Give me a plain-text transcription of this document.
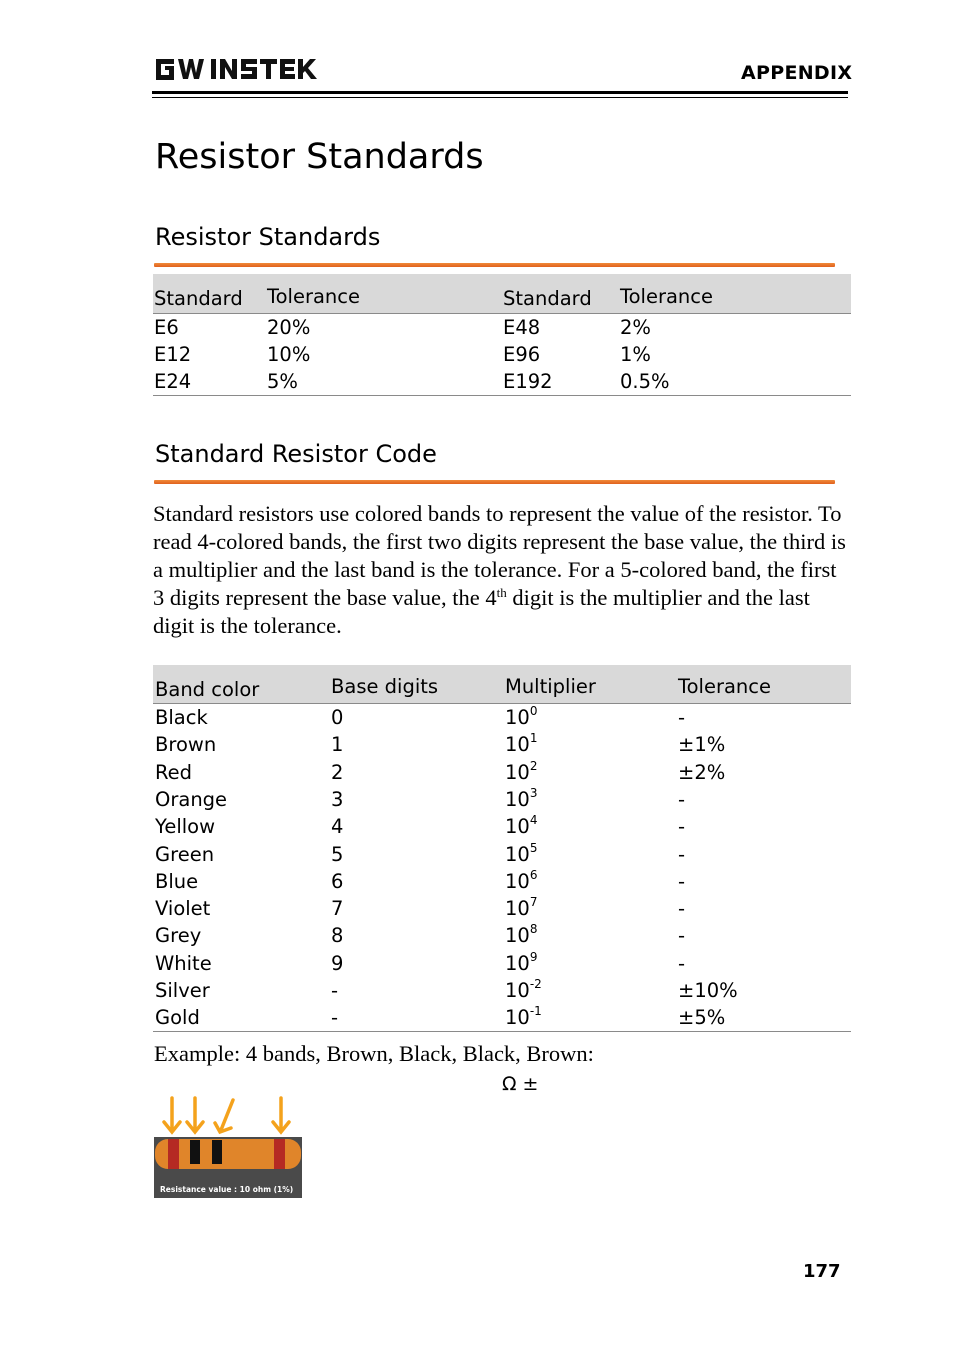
APPENDIX
Resistor Standards
Resistor Standards
Standard Tolerance	Standard Tolerance
E6	20%	E48	2%
E12	10%	E96	1%
E24	5%	E192	0.5%
Standard Resistor Code
Standard resistors use colored bands to represent the value of the resistor. To read 4-colored bands, the first two digits represent the base value, the third is a multiplier and the last band is the tolerance. For a 5-colored band, the first 3 digits represent the base value, the 4th digit is the multiplier and the last digit is the tolerance.
Band color	Base digits	Multiplier	Tolerance
Black	0	$10^0$	-
Brown	1	$10^1$	±1%
Red	2	$10^2$	±2%
Orange	3	$10^3$	-
Yellow	4	$10^4$	-
Green	5	$10^5$	-
Blue	6	$10^6$	-
Violet	7	$10^7$	-
Grey	8	$10^8$	-
White	9	$10^9$	-
Silver	-	$10^{-2}$	±10%
Gold	-	$10^{-1}$	±5%
Example: 4 bands, Brown, Black, Black, Brown:
Ω ±
Resistance value : 10 ohm (1%)
177
